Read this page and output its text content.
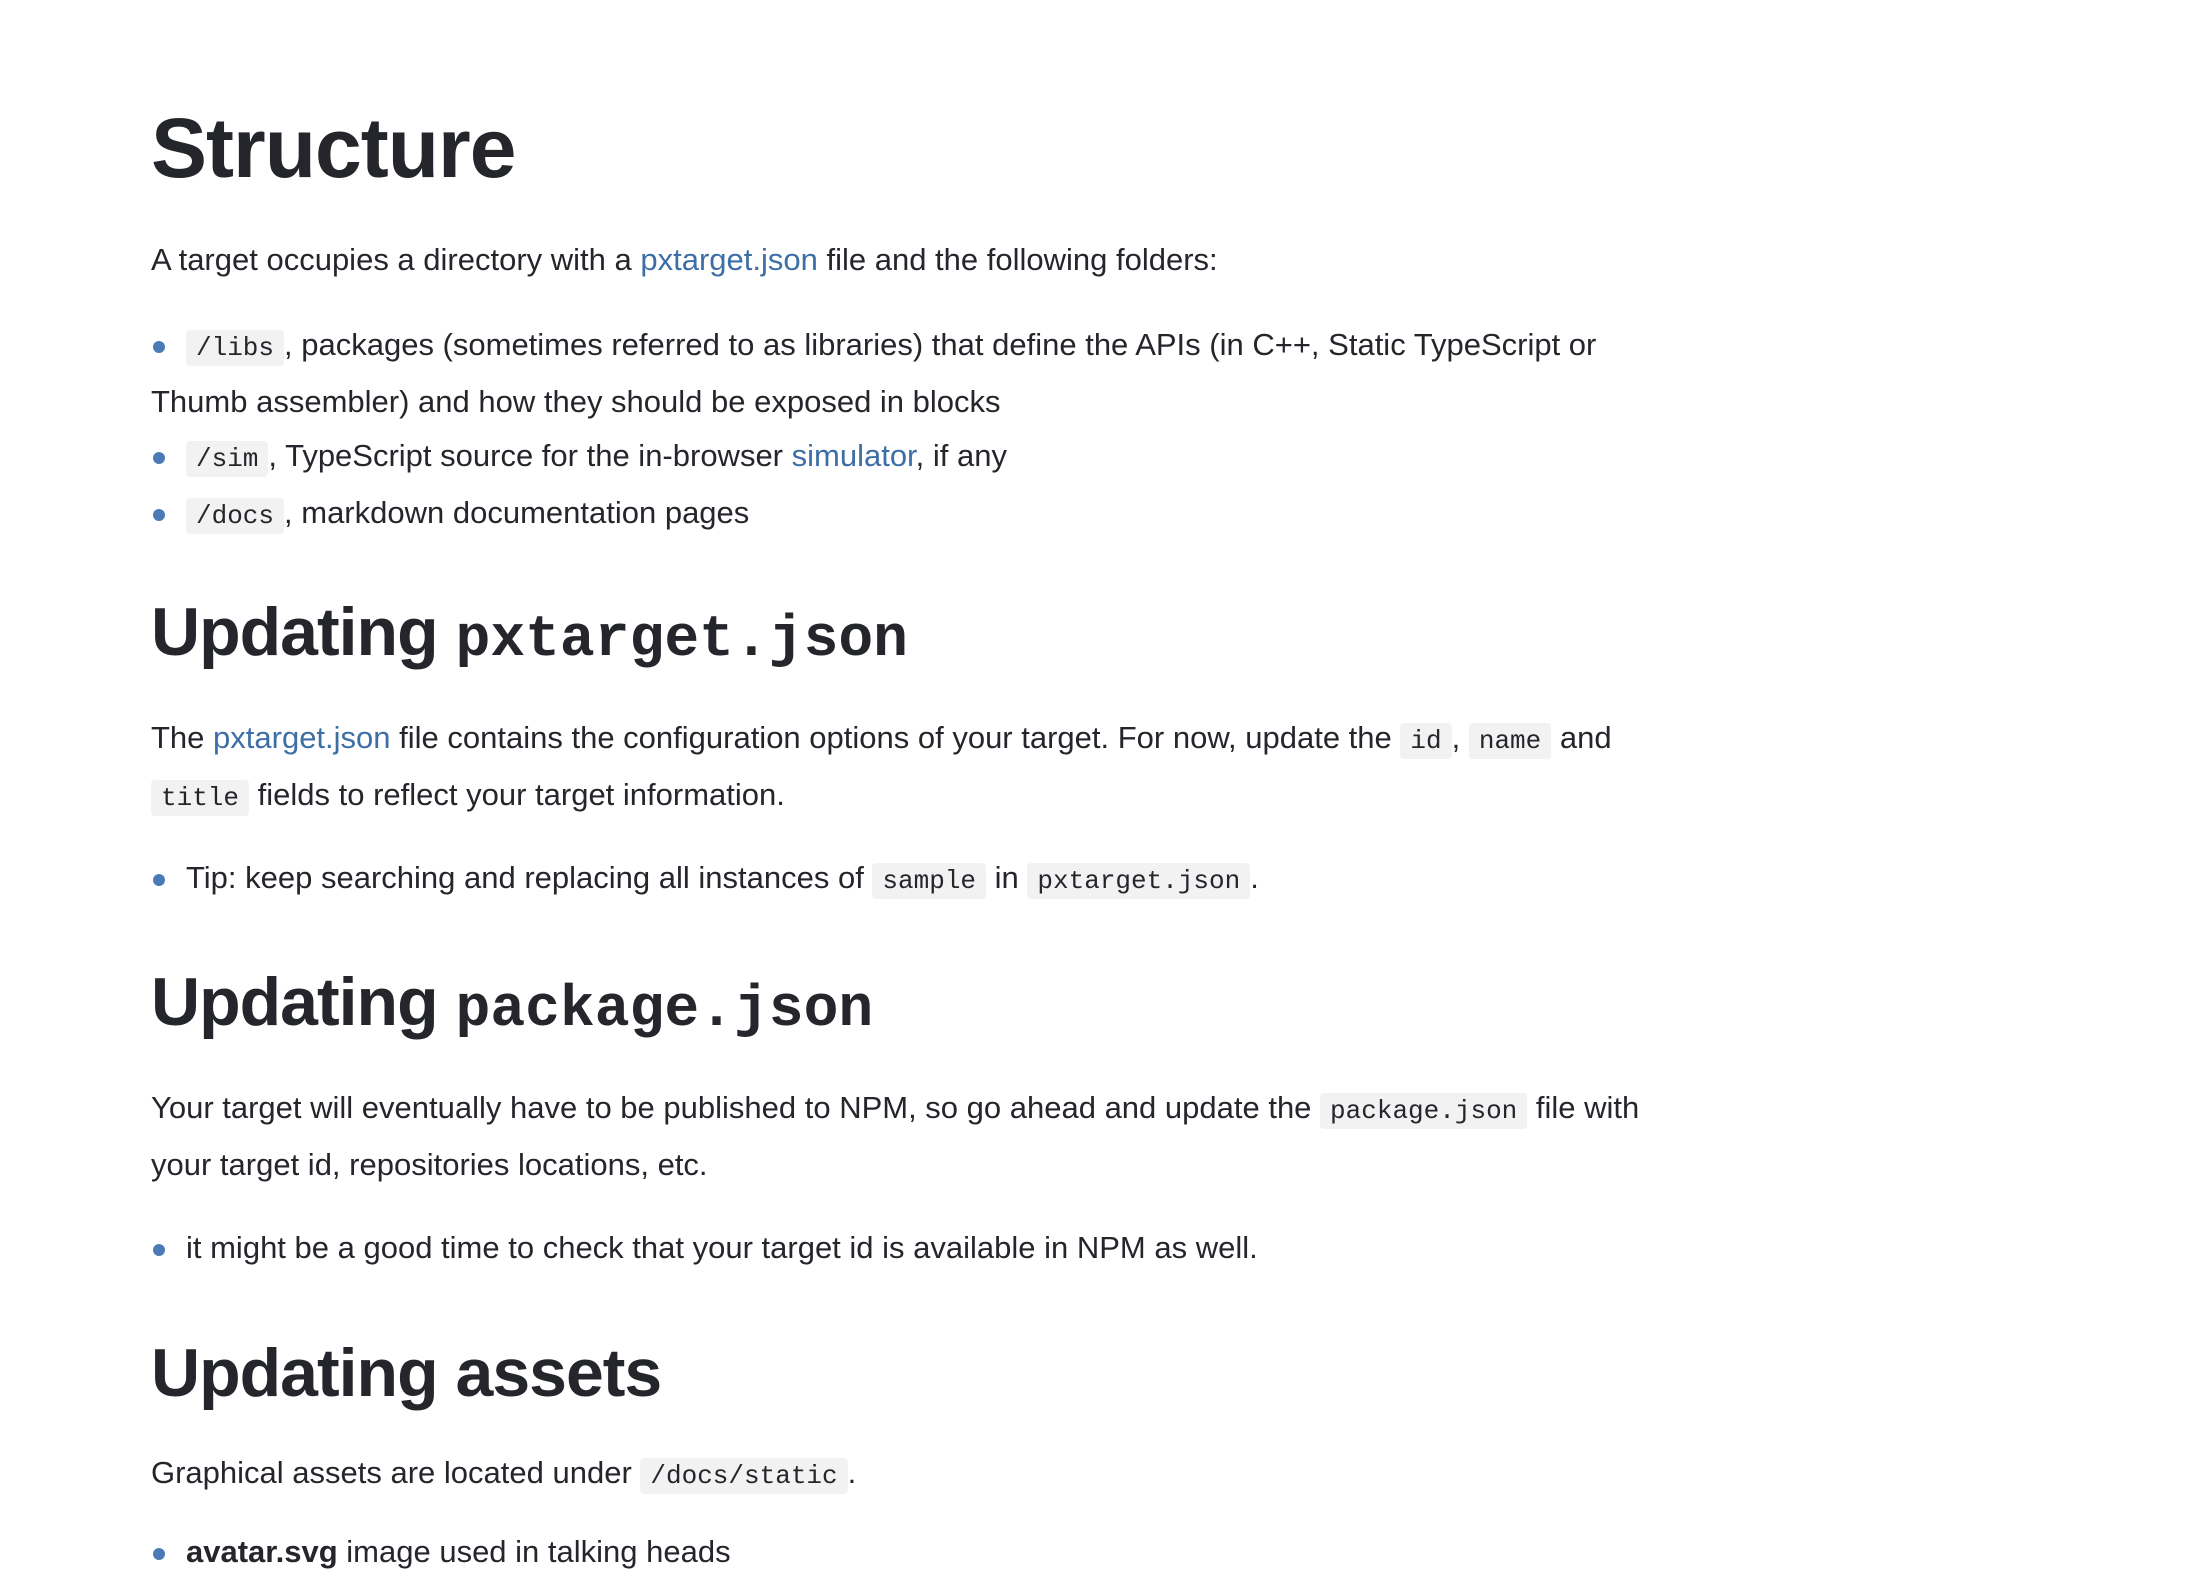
Structure

A target occupies a directory with a pxtarget.json file and the following folders:

/libs , packages (sometimes referred to as libraries) that define the APIs (in C++, Static TypeScript or Thumb assembler) and how they should be exposed in blocks
/sim , TypeScript source for the in-browser simulator, if any
/docs , markdown documentation pages
Updating pxtarget.json

The pxtarget.json file contains the configuration options of your target. For now, update the id , name and title fields to reflect your target information.

Tip: keep searching and replacing all instances of sample in pxtarget.json .
Updating package.json

Your target will eventually have to be published to NPM, so go ahead and update the package.json file with your target id, repositories locations, etc.

it might be a good time to check that your target id is available in NPM as well.
Updating assets

Graphical assets are located under /docs/static .

avatar.svg image used in talking heads
